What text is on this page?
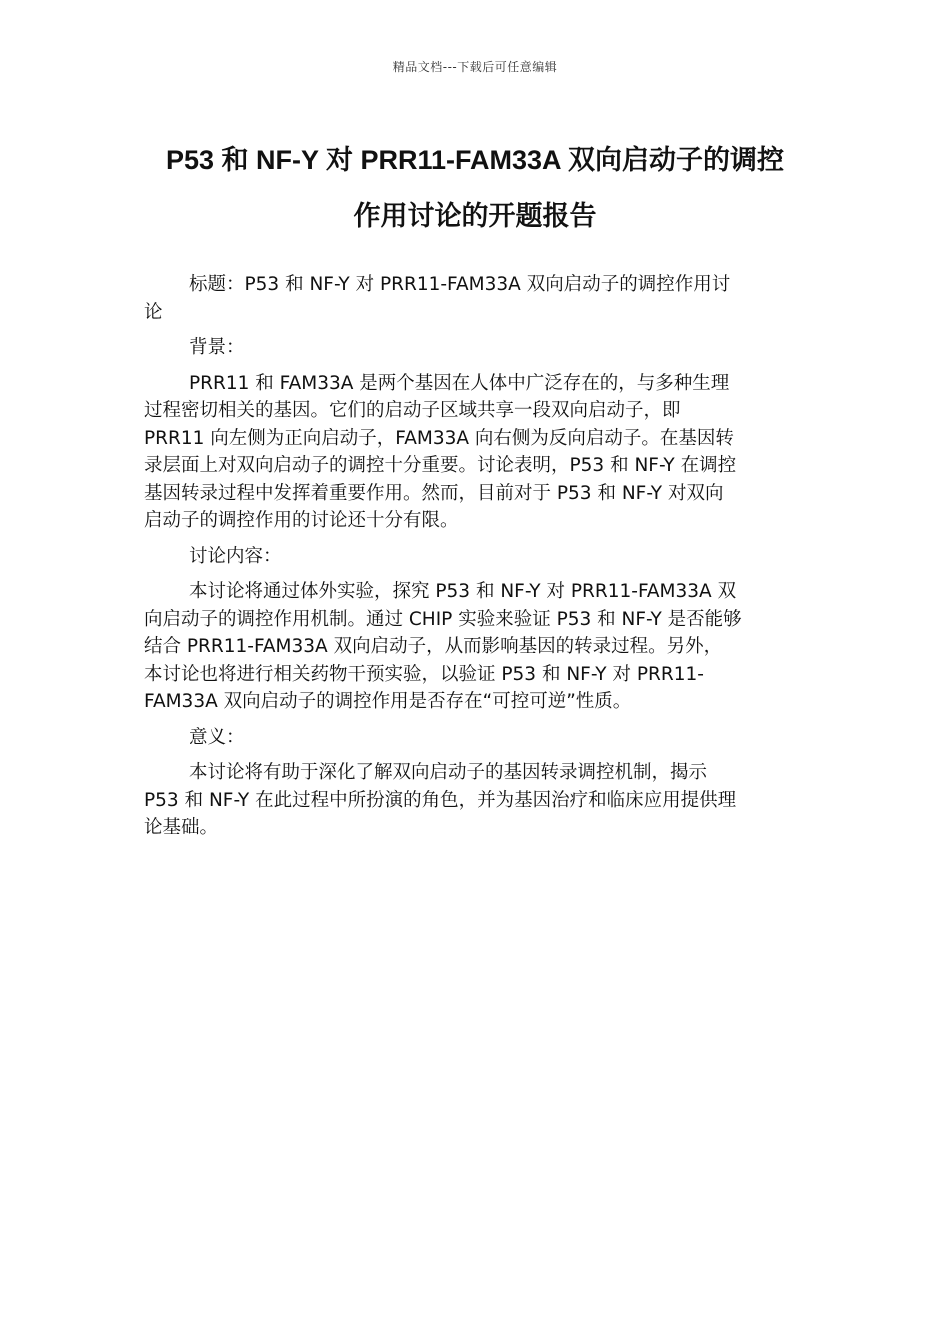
精品文档---下载后可任意编辑
P53 和 NF-Y 对 PRR11-FAM33A 双向启动子的调控
作用讨论的开题报告

标题：P53 和 NF-Y 对 PRR11-FAM33A 双向启动子的调控作用讨
论

背景：

PRR11 和 FAM33A 是两个基因在人体中广泛存在的，与多种生理
过程密切相关的基因。它们的启动子区域共享一段双向启动子，即
PRR11 向左侧为正向启动子，FAM33A 向右侧为反向启动子。在基因转
录层面上对双向启动子的调控十分重要。讨论表明，P53 和 NF-Y 在调控
基因转录过程中发挥着重要作用。然而，目前对于 P53 和 NF-Y 对双向
启动子的调控作用的讨论还十分有限。

讨论内容：

本讨论将通过体外实验，探究 P53 和 NF-Y 对 PRR11-FAM33A 双
向启动子的调控作用机制。通过 CHIP 实验来验证 P53 和 NF-Y 是否能够
结合 PRR11-FAM33A 双向启动子，从而影响基因的转录过程。另外，
本讨论也将进行相关药物干预实验，以验证 P53 和 NF-Y 对 PRR11-
FAM33A 双向启动子的调控作用是否存在“可控可逆”性质。

意义：

本讨论将有助于深化了解双向启动子的基因转录调控机制，揭示
P53 和 NF-Y 在此过程中所扮演的角色，并为基因治疗和临床应用提供理
论基础。
